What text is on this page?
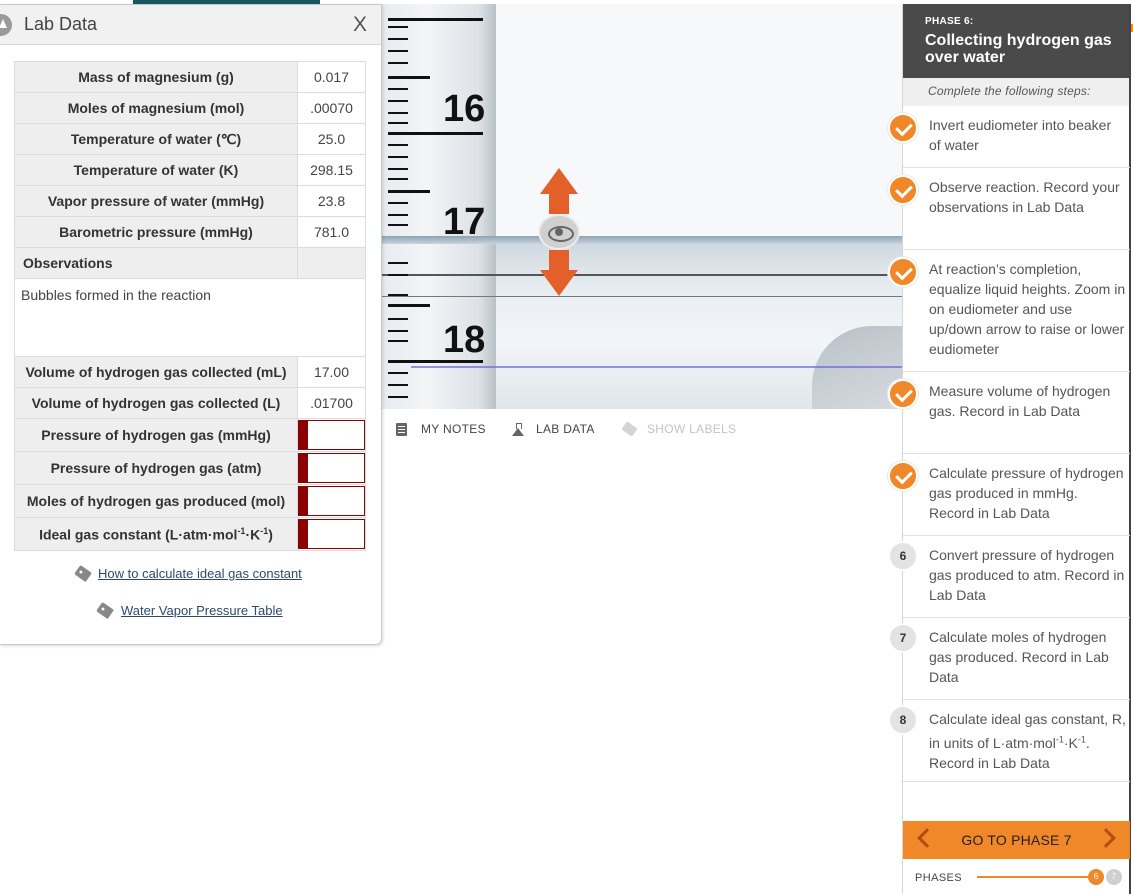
Lab Data	X
Mass of magnesium (g)	0.017
Moles of magnesium (mol)	.00070
Temperature of water (℃)	25.0
Temperature of water (K)	298.15
Vapor pressure of water (mmHg)	23.8
Barometric pressure (mmHg)	781.0
Observations	
Bubbles formed in the reaction	
Volume of hydrogen gas collected (mL)	17.00
Volume of hydrogen gas collected (L)	.01700
Pressure of hydrogen gas (mmHg)	

Pressure of hydrogen gas (atm)	

Moles of hydrogen gas produced (mol)	

Ideal gas constant $(L\cdot atm\cdot mol^{-1}\cdot K^{-1})$	
How to calculate ideal gas constant
Water Vapor Pressure Table
16
17
18
MY NOTES	LAB DATA	SHOW LABELS
PHASE 6:
Collecting hydrogen gas over water
Complete the following steps:
Invert eudiometer into beaker of water
Observe reaction. Record your observations in Lab Data
At reaction’s completion, equalize liquid heights. Zoom in on eudiometer and use up/down arrow to raise or lower eudiometer
Measure volume of hydrogen gas. Record in Lab Data
Calculate pressure of hydrogen gas produced in mmHg. Record in Lab Data
6	Convert pressure of hydrogen gas produced to atm. Record in Lab Data
7	Calculate moles of hydrogen gas produced. Record in Lab Data
8	Calculate ideal gas constant, R, in units of $L\cdot atm\cdot mol^{-1}\cdot K^{-1}$. Record in Lab Data
GO TO PHASE 7
PHASES	6	7
